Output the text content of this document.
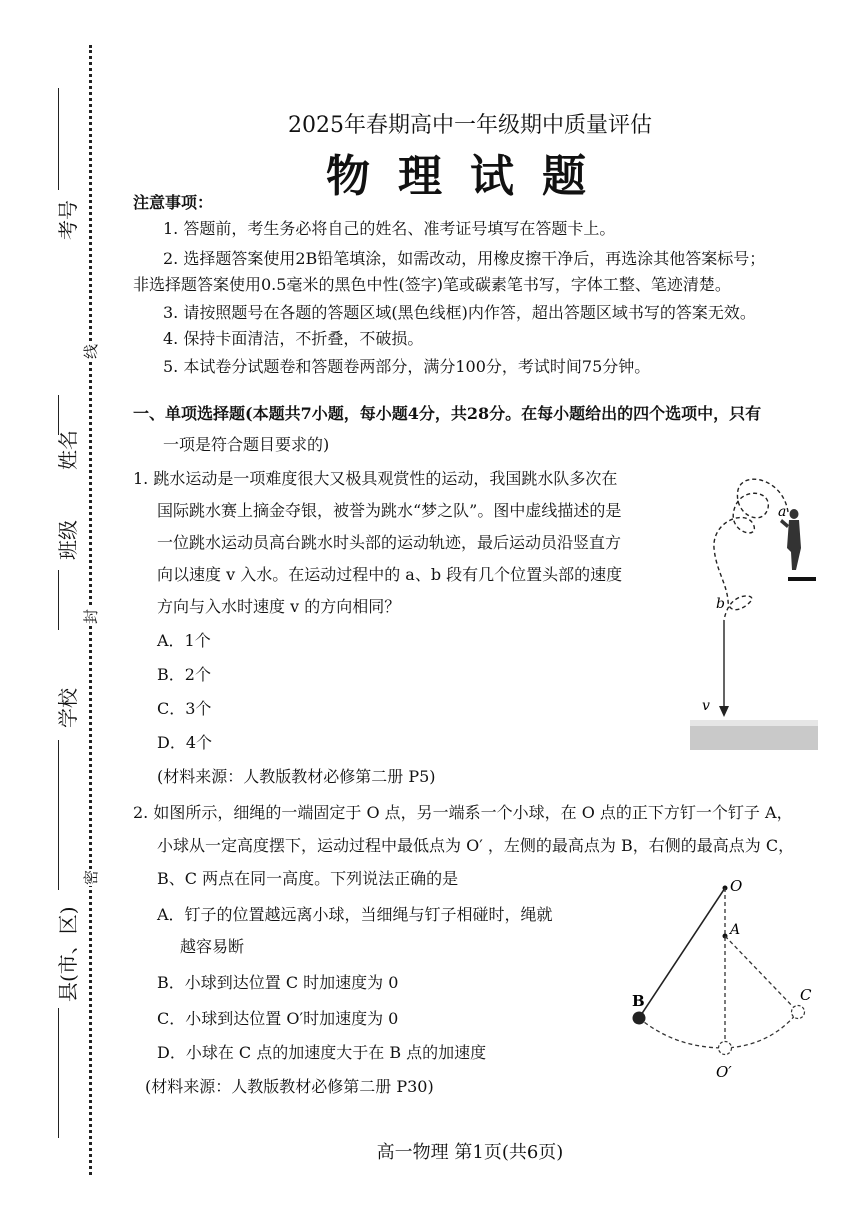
考号
姓名
班级
学校
县(市、区)
线
封
密
2025年春期高中一年级期中质量评估
物理试题
注意事项：
1. 答题前，考生务必将自己的姓名、准考证号填写在答题卡上。
2. 选择题答案使用2B铅笔填涂，如需改动，用橡皮擦干净后，再选涂其他答案标号；
非选择题答案使用0.5毫米的黑色中性(签字)笔或碳素笔书写，字体工整、笔迹清楚。
3. 请按照题号在各题的答题区域(黑色线框)内作答，超出答题区域书写的答案无效。
4. 保持卡面清洁，不折叠，不破损。
5. 本试卷分试题卷和答题卷两部分，满分100分，考试时间75分钟。
一、单项选择题(本题共7小题，每小题4分，共28分。在每小题给出的四个选项中，只有
一项是符合题目要求的)
1. 跳水运动是一项难度很大又极具观赏性的运动，我国跳水队多次在
国际跳水赛上摘金夺银，被誉为跳水“梦之队”。图中虚线描述的是
一位跳水运动员高台跳水时头部的运动轨迹，最后运动员沿竖直方
向以速度 v 入水。在运动过程中的 a、b 段有几个位置头部的速度
方向与入水时速度 v 的方向相同？
A．1个
B．2个
C．3个
D．4个
(材料来源：人教版教材必修第二册 P5)
a
b
v
2. 如图所示，细绳的一端固定于 O 点，另一端系一个小球，在 O 点的正下方钉一个钉子 A，
小球从一定高度摆下，运动过程中最低点为 O′ ，左侧的最高点为 B，右侧的最高点为 C，
B、C 两点在同一高度。下列说法正确的是
A．钉子的位置越远离小球，当细绳与钉子相碰时，绳就
越容易断
B．小球到达位置 C 时加速度为 0
C．小球到达位置 O′时加速度为 0
D．小球在 C 点的加速度大于在 B 点的加速度
(材料来源：人教版教材必修第二册 P30)
O
A
B	C
O′
高一物理 第1页(共6页)
